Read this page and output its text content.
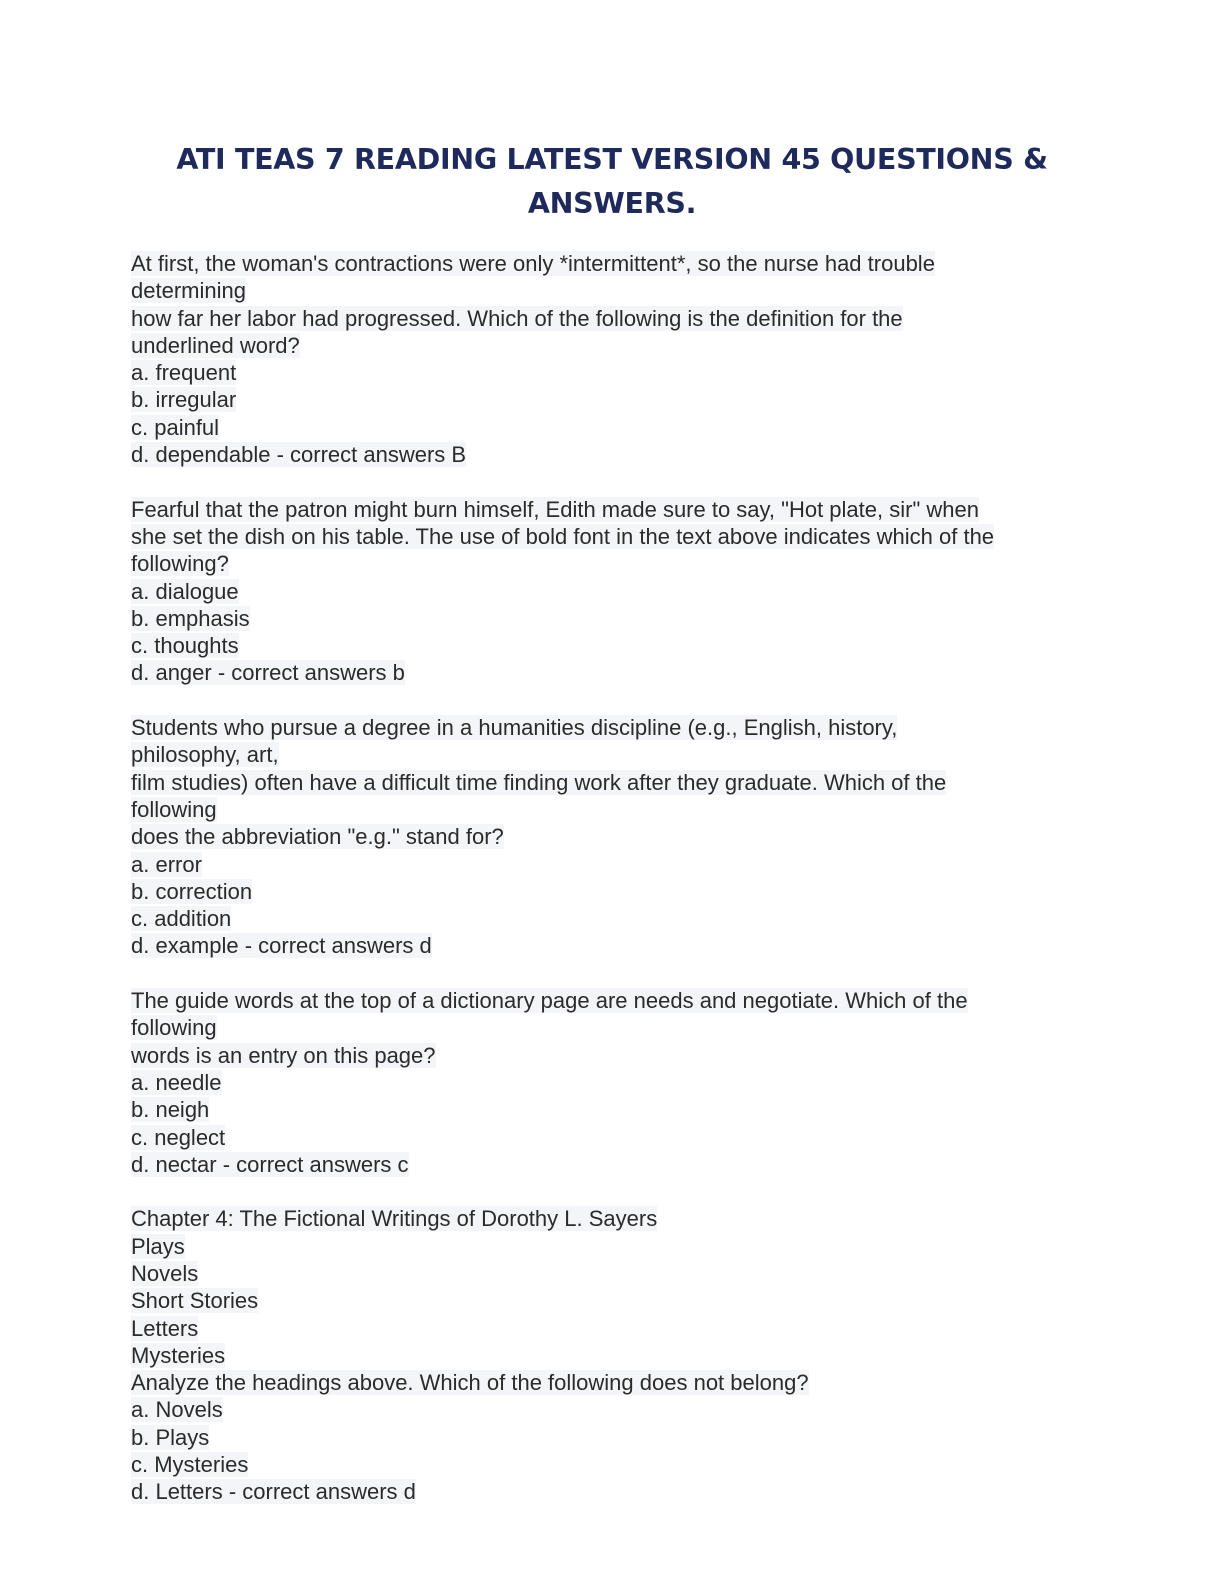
ATI TEAS 7 READING LATEST VERSION 45 QUESTIONS & ANSWERS.
At first, the woman's contractions were only *intermittent*, so the nurse had trouble
determining
how far her labor had progressed. Which of the following is the definition for the
underlined word?
a. frequent
b. irregular
c. painful
d. dependable - correct answers B
Fearful that the patron might burn himself, Edith made sure to say, "Hot plate, sir" when
she set the dish on his table. The use of bold font in the text above indicates which of the
following?
a. dialogue
b. emphasis
c. thoughts
d. anger - correct answers b
Students who pursue a degree in a humanities discipline (e.g., English, history,
philosophy, art,
film studies) often have a difficult time finding work after they graduate. Which of the
following
does the abbreviation "e.g." stand for?
a. error
b. correction
c. addition
d. example - correct answers d
The guide words at the top of a dictionary page are needs and negotiate. Which of the
following
words is an entry on this page?
a. needle
b. neigh
c. neglect
d. nectar - correct answers c
Chapter 4: The Fictional Writings of Dorothy L. Sayers
Plays
Novels
Short Stories
Letters
Mysteries
Analyze the headings above. Which of the following does not belong?
a. Novels
b. Plays
c. Mysteries
d. Letters - correct answers d
